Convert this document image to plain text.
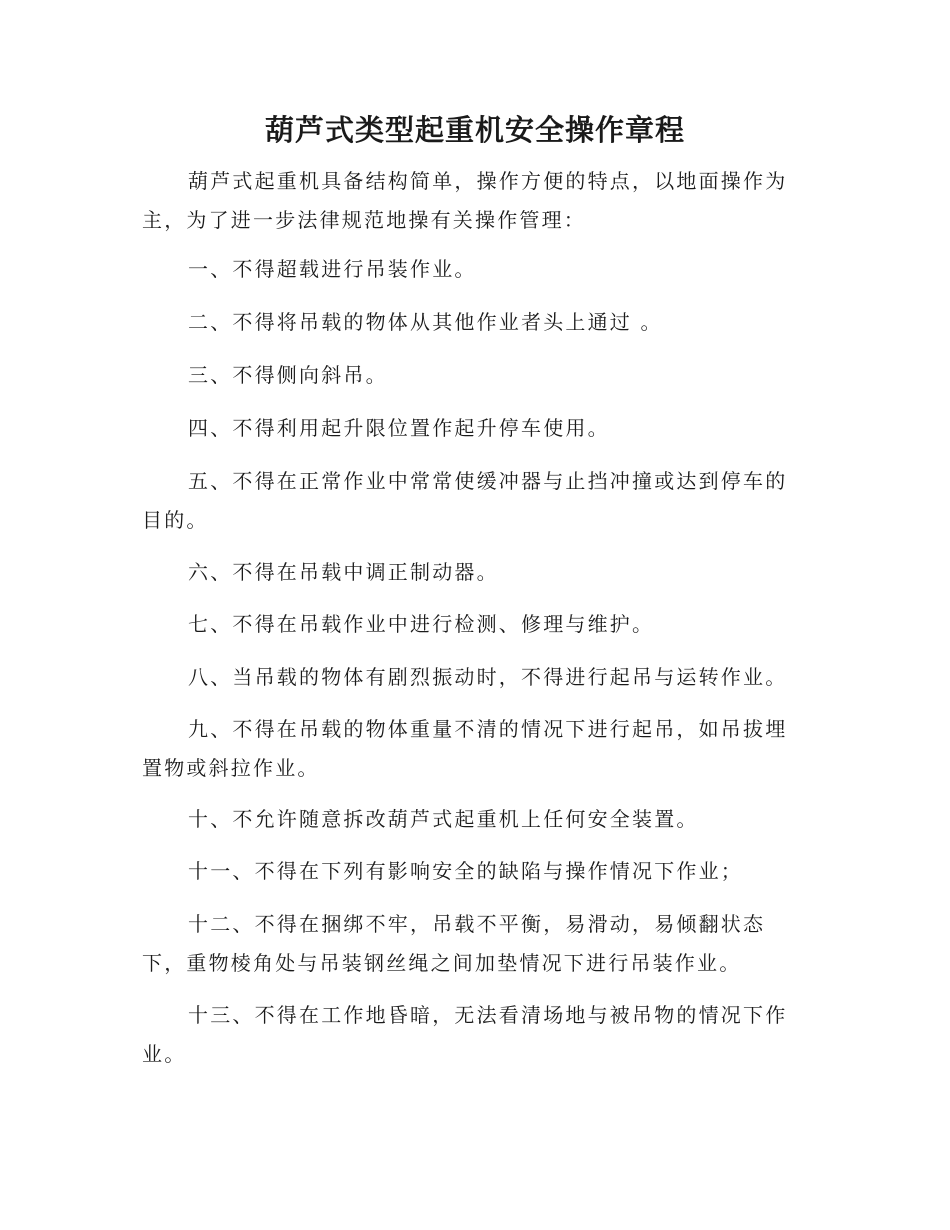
葫芦式类型起重机安全操作章程

葫芦式起重机具备结构简单，操作方便的特点，以地面操作为主，为了进一步法律规范地操有关操作管理：

一、不得超载进行吊装作业。

二、不得将吊载的物体从其他作业者头上通过 。

三、不得侧向斜吊。

四、不得利用起升限位置作起升停车使用。

五、不得在正常作业中常常使缓冲器与止挡冲撞或达到停车的目的。

六、不得在吊载中调正制动器。

七、不得在吊载作业中进行检测、修理与维护。

八、当吊载的物体有剧烈振动时，不得进行起吊与运转作业。

九、不得在吊载的物体重量不清的情况下进行起吊，如吊拔埋置物或斜拉作业。

十、不允许随意拆改葫芦式起重机上任何安全装置。

十一、不得在下列有影响安全的缺陷与操作情况下作业；

十二、不得在捆绑不牢，吊载不平衡，易滑动，易倾翻状态下，重物棱角处与吊装钢丝绳之间加垫情况下进行吊装作业。

十三、不得在工作地昏暗，无法看清场地与被吊物的情况下作业。
